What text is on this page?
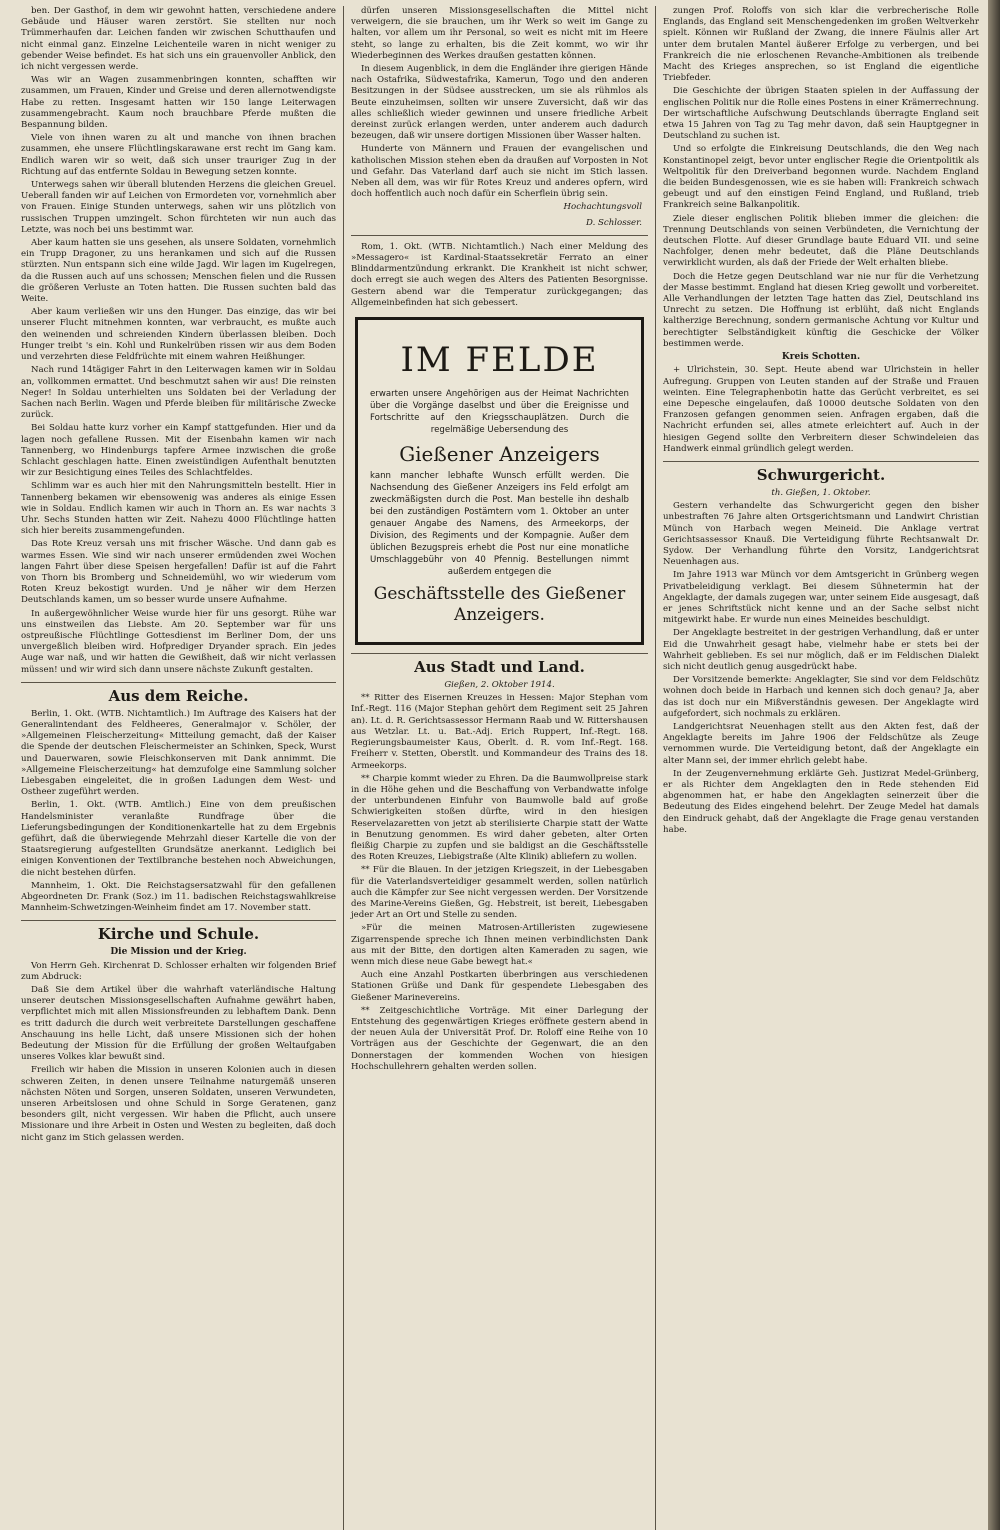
ben. Der Gasthof, in dem wir gewohnt hatten, verschiedene andere Gebäude und Häuser waren zerstört. Sie stellten nur noch Trümmerhaufen dar. Leichen fanden wir zwischen Schutthaufen und nicht einmal ganz. Einzelne Leichenteile waren in nicht weniger zu gebender Weise befindet. Es hat sich uns ein grauenvoller Anblick, den ich nicht vergessen werde.

Was wir an Wagen zusammenbringen konnten, schafften wir zusammen, um Frauen, Kinder und Greise und deren allernotwendigste Habe zu retten. Insgesamt hatten wir 150 lange Leiterwagen zusammengebracht. Kaum noch brauchbare Pferde mußten die Bespannung bilden.

Viele von ihnen waren zu alt und manche von ihnen brachen zusammen, ehe unsere Flüchtlingskarawane erst recht im Gang kam. Endlich waren wir so weit, daß sich unser trauriger Zug in der Richtung auf das entfernte Soldau in Bewegung setzen konnte.

Unterwegs sahen wir überall blutenden Herzens die gleichen Greuel. Ueberall fanden wir auf Leichen von Ermordeten vor, vornehmlich aber von Frauen. Einige Stunden unterwegs, sahen wir uns plötzlich von russischen Truppen umzingelt. Schon fürchteten wir nun auch das Letzte, was noch bei uns bestimmt war.

Aber kaum hatten sie uns gesehen, als unsere Soldaten, vornehmlich ein Trupp Dragoner, zu uns herankamen und sich auf die Russen stürzten. Nun entspann sich eine wilde Jagd. Wir lagen im Kugelregen, da die Russen auch auf uns schossen; Menschen fielen und die Russen die größeren Verluste an Toten hatten. Die Russen suchten bald das Weite.

Aber kaum verließen wir uns den Hunger. Das einzige, das wir bei unserer Flucht mitnehmen konnten, war verbraucht, es mußte auch den weinenden und schreienden Kindern überlassen bleiben. Doch Hunger treibt 's ein. Kohl und Runkelrüben rissen wir aus dem Boden und verzehrten diese Feldfrüchte mit einem wahren Heißhunger.

Nach rund 14tägiger Fahrt in den Leiterwagen kamen wir in Soldau an, vollkommen ermattet. Und beschmutzt sahen wir aus! Die reinsten Neger! In Soldau unterhielten uns Soldaten bei der Verladung der Sachen nach Berlin. Wagen und Pferde bleiben für militärische Zwecke zurück.

Bei Soldau hatte kurz vorher ein Kampf stattgefunden. Hier und da lagen noch gefallene Russen. Mit der Eisenbahn kamen wir nach Tannenberg, wo Hindenburgs tapfere Armee inzwischen die große Schlacht geschlagen hatte. Einen zweistündigen Aufenthalt benutzten wir zur Besichtigung eines Teiles des Schlachtfeldes.

Schlimm war es auch hier mit den Nahrungsmitteln bestellt. Hier in Tannenberg bekamen wir ebensowenig was anderes als einige Essen wie in Soldau. Endlich kamen wir auch in Thorn an. Es war nachts 3 Uhr. Sechs Stunden hatten wir Zeit. Nahezu 4000 Flüchtlinge hatten sich hier bereits zusammengefunden.

Das Rote Kreuz versah uns mit frischer Wäsche. Und dann gab es warmes Essen. Wie sind wir nach unserer ermüdenden zwei Wochen langen Fahrt über diese Speisen hergefallen! Dafür ist auf die Fahrt von Thorn bis Bromberg und Schneidemühl, wo wir wiederum vom Roten Kreuz bekostigt wurden. Und je näher wir dem Herzen Deutschlands kamen, um so besser wurde unsere Aufnahme.

In außergewöhnlicher Weise wurde hier für uns gesorgt. Rühe war uns einstweilen das Liebste. Am 20. September war für uns ostpreußische Flüchtlinge Gottesdienst im Berliner Dom, der uns unvergeßlich bleiben wird. Hofprediger Dryander sprach. Ein jedes Auge war naß, und wir hatten die Gewißheit, daß wir nicht verlassen müssen! und wir wird sich dann unsere nächste Zukunft gestalten.

Aus dem Reiche.

Berlin, 1. Okt. (WTB. Nichtamtlich.) Im Auftrage des Kaisers hat der Generalintendant des Feldheeres, Generalmajor v. Schöler, der »Allgemeinen Fleischerzeitung« Mitteilung gemacht, daß der Kaiser die Spende der deutschen Fleischermeister an Schinken, Speck, Wurst und Dauerwaren, sowie Fleischkonserven mit Dank annimmt. Die »Allgemeine Fleischerzeitung« hat demzufolge eine Sammlung solcher Liebesgaben eingeleitet, die in großen Ladungen dem West- und Ostheer zugeführt werden.

Berlin, 1. Okt. (WTB. Amtlich.) Eine von dem preußischen Handelsminister veranlaßte Rundfrage über die Lieferungsbedingungen der Konditionenkartelle hat zu dem Ergebnis geführt, daß die überwiegende Mehrzahl dieser Kartelle die von der Staatsregierung aufgestellten Grundsätze anerkannt. Lediglich bei einigen Konventionen der Textilbranche bestehen noch Abweichungen, die nicht bestehen dürfen.

Mannheim, 1. Okt. Die Reichstagsersatzwahl für den gefallenen Abgeordneten Dr. Frank (Soz.) im 11. badischen Reichstagswahlkreise Mannheim-Schwetzingen-Weinheim findet am 17. November statt.

Kirche und Schule.
Die Mission und der Krieg.

Von Herrn Geh. Kirchenrat D. Schlosser erhalten wir folgenden Brief zum Abdruck:

Daß Sie dem Artikel über die wahrhaft vaterländische Haltung unserer deutschen Missionsgesellschaften Aufnahme gewährt haben, verpflichtet mich mit allen Missionsfreunden zu lebhaftem Dank. Denn es tritt dadurch die durch weit verbreitete Darstellungen geschaffene Anschauung ins helle Licht, daß unsere Missionen sich der hohen Bedeutung der Mission für die Erfüllung der großen Weltaufgaben unseres Volkes klar bewußt sind.

Freilich wir haben die Mission in unseren Kolonien auch in diesen schweren Zeiten, in denen unsere Teilnahme naturgemäß unseren nächsten Nöten und Sorgen, unseren Soldaten, unseren Verwundeten, unseren Arbeitslosen und ohne Schuld in Sorge Geratenen, ganz besonders gilt, nicht vergessen. Wir haben die Pflicht, auch unsere Missionare und ihre Arbeit in Osten und Westen zu begleiten, daß doch nicht ganz im Stich gelassen werden.

dürfen unseren Missionsgesellschaften die Mittel nicht verweigern, die sie brauchen, um ihr Werk so weit im Gange zu halten, vor allem um ihr Personal, so weit es nicht mit im Heere steht, so lange zu erhalten, bis die Zeit kommt, wo wir ihr Wiederbeginnen des Werkes draußen gestatten können.

In diesem Augenblick, in dem die Engländer ihre gierigen Hände nach Ostafrika, Südwestafrika, Kamerun, Togo und den anderen Besitzungen in der Südsee ausstrecken, um sie als rühmlos als Beute einzuheimsen, sollten wir unsere Zuversicht, daß wir das alles schließlich wieder gewinnen und unsere friedliche Arbeit dereinst zurück erlangen werden, unter anderem auch dadurch bezeugen, daß wir unsere dortigen Missionen über Wasser halten.

Hunderte von Männern und Frauen der evangelischen und katholischen Mission stehen eben da draußen auf Vorposten in Not und Gefahr. Das Vaterland darf auch sie nicht im Stich lassen. Neben all dem, was wir für Rotes Kreuz und anderes opfern, wird doch hoffentlich auch noch dafür ein Scherflein übrig sein.

Hochachtungsvoll
D. Schlosser.

Rom, 1. Okt. (WTB. Nichtamtlich.) Nach einer Meldung des »Messagero« ist Kardinal-Staatssekretär Ferrato an einer Blinddarmentzündung erkrankt. Die Krankheit ist nicht schwer, doch erregt sie auch wegen des Alters des Patienten Besorgnisse. Gestern abend war die Temperatur zurückgegangen; das Allgemeinbefinden hat sich gebessert.

IM FELDE
erwarten unsere Angehörigen aus der Heimat Nachrichten über die Vorgänge daselbst und über die Ereignisse und Fortschritte auf den Kriegsschauplätzen. Durch die regelmäßige Uebersendung des
Gießener Anzeigers
kann mancher lebhafte Wunsch erfüllt werden. Die Nachsendung des Gießener Anzeigers ins Feld erfolgt am zweckmäßigsten durch die Post. Man bestelle ihn deshalb bei den zuständigen Postämtern vom 1. Oktober an unter genauer Angabe des Namens, des Armeekorps, der Division, des Regiments und der Kompagnie. Außer dem üblichen Bezugspreis erhebt die Post nur eine monatliche Umschlaggebühr von 40 Pfennig. Bestellungen nimmt außerdem entgegen die
Geschäftsstelle des Gießener Anzeigers.
Aus Stadt und Land.
Gießen, 2. Oktober 1914.

** Ritter des Eisernen Kreuzes in Hessen: Major Stephan vom Inf.-Regt. 116 (Major Stephan gehört dem Regiment seit 25 Jahren an). Lt. d. R. Gerichtsassessor Hermann Raab und W. Rittershausen aus Wetzlar. Lt. u. Bat.-Adj. Erich Ruppert, Inf.-Regt. 168. Regierungsbaumeister Kaus, Oberlt. d. R. vom Inf.-Regt. 168. Freiherr v. Stetten, Oberstlt. und Kommandeur des Trains des 18. Armeekorps.

** Charpie kommt wieder zu Ehren. Da die Baumwollpreise stark in die Höhe gehen und die Beschaffung von Verbandwatte infolge der unterbundenen Einfuhr von Baumwolle bald auf große Schwierigkeiten stoßen dürfte, wird in den hiesigen Reservelazaretten von jetzt ab sterilisierte Charpie statt der Watte in Benutzung genommen. Es wird daher gebeten, alter Orten fleißig Charpie zu zupfen und sie baldigst an die Geschäftsstelle des Roten Kreuzes, Liebigstraße (Alte Klinik) abliefern zu wollen.

** Für die Blauen. In der jetzigen Kriegszeit, in der Liebesgaben für die Vaterlandsverteidiger gesammelt werden, sollen natürlich auch die Kämpfer zur See nicht vergessen werden. Der Vorsitzende des Marine-Vereins Gießen, Gg. Hebstreit, ist bereit, Liebesgaben jeder Art an Ort und Stelle zu senden.

»Für die meinen Matrosen-Artilleristen zugewiesene Zigarrenspende spreche ich Ihnen meinen verbindlichsten Dank aus mit der Bitte, den dortigen alten Kameraden zu sagen, wie wenn mich diese neue Gabe bewegt hat.«

Auch eine Anzahl Postkarten überbringen aus verschiedenen Stationen Grüße und Dank für gespendete Liebesgaben des Gießener Marinevereins.

** Zeitgeschichtliche Vorträge. Mit einer Darlegung der Entstehung des gegenwärtigen Krieges eröffnete gestern abend in der neuen Aula der Universität Prof. Dr. Roloff eine Reihe von 10 Vorträgen aus der Geschichte der Gegenwart, die an den Donnerstagen der kommenden Wochen von hiesigen Hochschullehrern gehalten werden sollen.

zungen Prof. Roloffs von sich klar die verbrecherische Rolle Englands, das England seit Menschengedenken im großen Weltverkehr spielt. Können wir Rußland der Zwang, die innere Fäulnis aller Art unter dem brutalen Mantel äußerer Erfolge zu verbergen, und bei Frankreich die nie erloschenen Revanche-Ambitionen als treibende Macht des Krieges ansprechen, so ist England die eigentliche Triebfeder.

Die Geschichte der übrigen Staaten spielen in der Auffassung der englischen Politik nur die Rolle eines Postens in einer Krämerrechnung. Der wirtschaftliche Aufschwung Deutschlands überragte England seit etwa 15 Jahren von Tag zu Tag mehr davon, daß sein Hauptgegner in Deutschland zu suchen ist.

Und so erfolgte die Einkreisung Deutschlands, die den Weg nach Konstantinopel zeigt, bevor unter englischer Regie die Orientpolitik als Weltpolitik für den Dreiverband begonnen wurde. Nachdem England die beiden Bundesgenossen, wie es sie haben will: Frankreich schwach gebeugt und auf den einstigen Feind England, und Rußland, trieb Frankreich seine Balkanpolitik.

Ziele dieser englischen Politik blieben immer die gleichen: die Trennung Deutschlands von seinen Verbündeten, die Vernichtung der deutschen Flotte. Auf dieser Grundlage baute Eduard VII. und seine Nachfolger, denen mehr bedeutet, daß die Pläne Deutschlands verwirklicht wurden, als daß der Friede der Welt erhalten bliebe.

Doch die Hetze gegen Deutschland war nie nur für die Verhetzung der Masse bestimmt. England hat diesen Krieg gewollt und vorbereitet. Alle Verhandlungen der letzten Tage hatten das Ziel, Deutschland ins Unrecht zu setzen. Die Hoffnung ist erblüht, daß nicht Englands kaltherzige Berechnung, sondern germanische Achtung vor Kultur und berechtigter Selbständigkeit künftig die Geschicke der Völker bestimmen werde.

Kreis Schotten.

+ Ulrichstein, 30. Sept. Heute abend war Ulrichstein in heller Aufregung. Gruppen von Leuten standen auf der Straße und Frauen weinten. Eine Telegraphenbotin hatte das Gerücht verbreitet, es sei eine Depesche eingelaufen, daß 10000 deutsche Soldaten von den Franzosen gefangen genommen seien. Anfragen ergaben, daß die Nachricht erfunden sei, alles atmete erleichtert auf. Auch in der hiesigen Gegend sollte den Verbreitern dieser Schwindeleien das Handwerk einmal gründlich gelegt werden.

Schwurgericht.
th. Gießen, 1. Oktober.

Gestern verhandelte das Schwurgericht gegen den bisher unbestraften 76 Jahre alten Ortsgerichtsmann und Landwirt Christian Münch von Harbach wegen Meineid. Die Anklage vertrat Gerichtsassessor Knauß. Die Verteidigung führte Rechtsanwalt Dr. Sydow. Der Verhandlung führte den Vorsitz, Landgerichtsrat Neuenhagen aus.

Im Jahre 1913 war Münch vor dem Amtsgericht in Grünberg wegen Privatbeleidigung verklagt. Bei diesem Sühnetermin hat der Angeklagte, der damals zugegen war, unter seinem Eide ausgesagt, daß er jenes Schriftstück nicht kenne und an der Sache selbst nicht mitgewirkt habe. Er wurde nun eines Meineides beschuldigt.

Der Angeklagte bestreitet in der gestrigen Verhandlung, daß er unter Eid die Unwahrheit gesagt habe, vielmehr habe er stets bei der Wahrheit geblieben. Es sei nur möglich, daß er im Feldischen Dialekt sich nicht deutlich genug ausgedrückt habe.

Der Vorsitzende bemerkte: Angeklagter, Sie sind vor dem Feldschütz wohnen doch beide in Harbach und kennen sich doch genau? Ja, aber das ist doch nur ein Mißverständnis gewesen. Der Angeklagte wird aufgefordert, sich nochmals zu erklären.

Landgerichtsrat Neuenhagen stellt aus den Akten fest, daß der Angeklagte bereits im Jahre 1906 der Feldschütze als Zeuge vernommen wurde. Die Verteidigung betont, daß der Angeklagte ein alter Mann sei, der immer ehrlich gelebt habe.

In der Zeugenvernehmung erklärte Geh. Justizrat Medel-Grünberg, er als Richter dem Angeklagten den in Rede stehenden Eid abgenommen hat, er habe den Angeklagten seinerzeit über die Bedeutung des Eides eingehend belehrt. Der Zeuge Medel hat damals den Eindruck gehabt, daß der Angeklagte die Frage genau verstanden habe.
